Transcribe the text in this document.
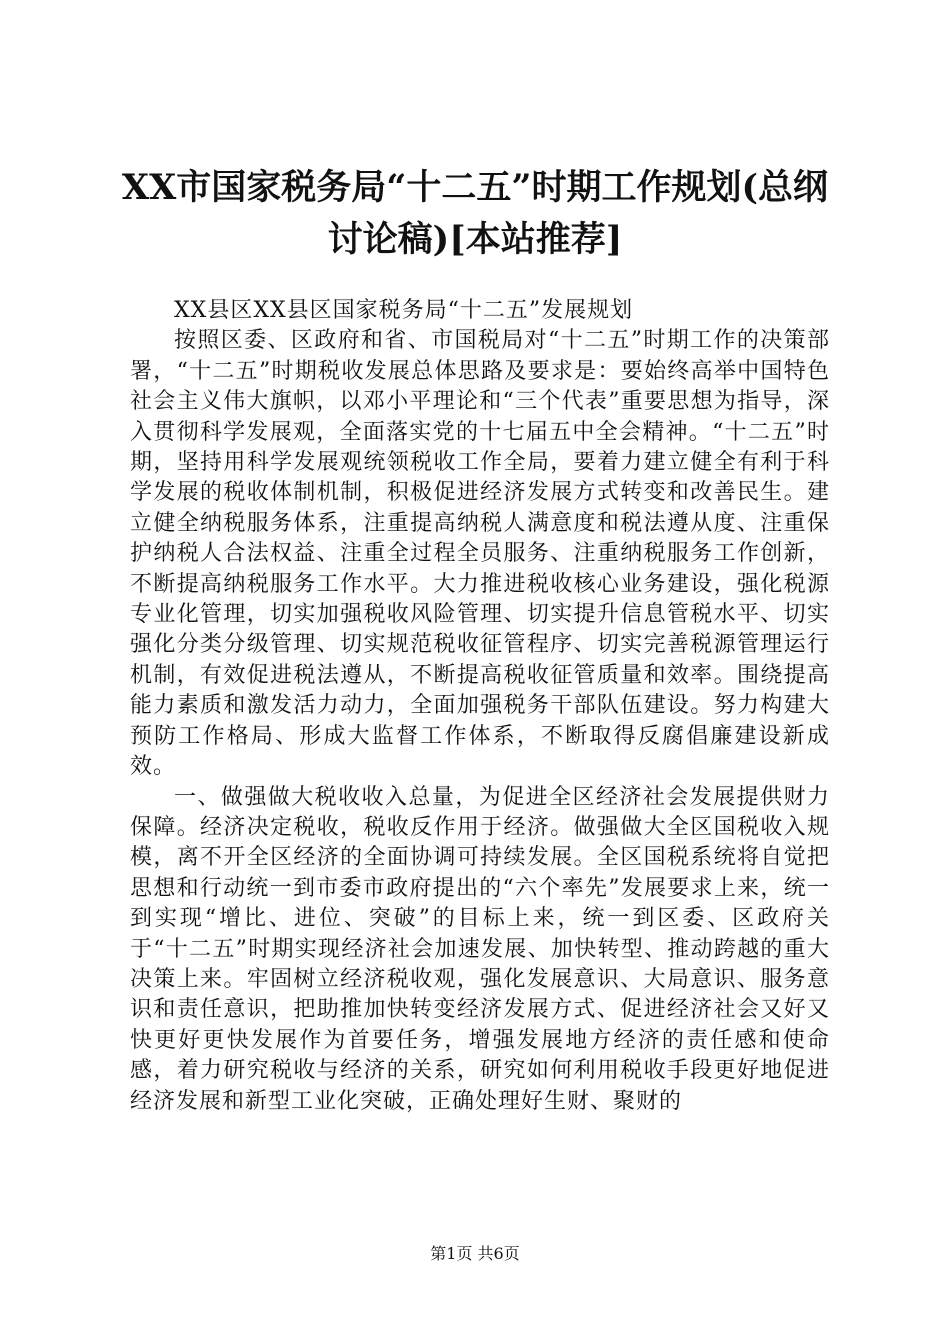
XX市国家税务局“十二五”时期工作规划(总纲讨论稿)[本站推荐]

XX县区XX县区国家税务局“十二五”发展规划

按照区委、区政府和省、市国税局对“十二五”时期工作的决策部署，“十二五”时期税收发展总体思路及要求是：要始终高举中国特色社会主义伟大旗帜，以邓小平理论和“三个代表”重要思想为指导，深入贯彻科学发展观，全面落实党的十七届五中全会精神。“十二五”时期，坚持用科学发展观统领税收工作全局，要着力建立健全有利于科学发展的税收体制机制，积极促进经济发展方式转变和改善民生。建立健全纳税服务体系，注重提高纳税人满意度和税法遵从度、注重保护纳税人合法权益、注重全过程全员服务、注重纳税服务工作创新，不断提高纳税服务工作水平。大力推进税收核心业务建设，强化税源专业化管理，切实加强税收风险管理、切实提升信息管税水平、切实强化分类分级管理、切实规范税收征管程序、切实完善税源管理运行机制，有效促进税法遵从，不断提高税收征管质量和效率。围绕提高能力素质和激发活力动力，全面加强税务干部队伍建设。努力构建大预防工作格局、形成大监督工作体系，不断取得反腐倡廉建设新成效。

一、做强做大税收收入总量，为促进全区经济社会发展提供财力保障。经济决定税收，税收反作用于经济。做强做大全区国税收入规模，离不开全区经济的全面协调可持续发展。全区国税系统将自觉把思想和行动统一到市委市政府提出的“六个率先”发展要求上来，统一到实现“增比、进位、突破”的目标上来，统一到区委、区政府关于“十二五”时期实现经济社会加速发展、加快转型、推动跨越的重大决策上来。牢固树立经济税收观，强化发展意识、大局意识、服务意识和责任意识，把助推加快转变经济发展方式、促进经济社会又好又快更好更快发展作为首要任务，增强发展地方经济的责任感和使命感，着力研究税收与经济的关系，研究如何利用税收手段更好地促进经济发展和新型工业化突破，正确处理好生财、聚财的

第1页 共6页
